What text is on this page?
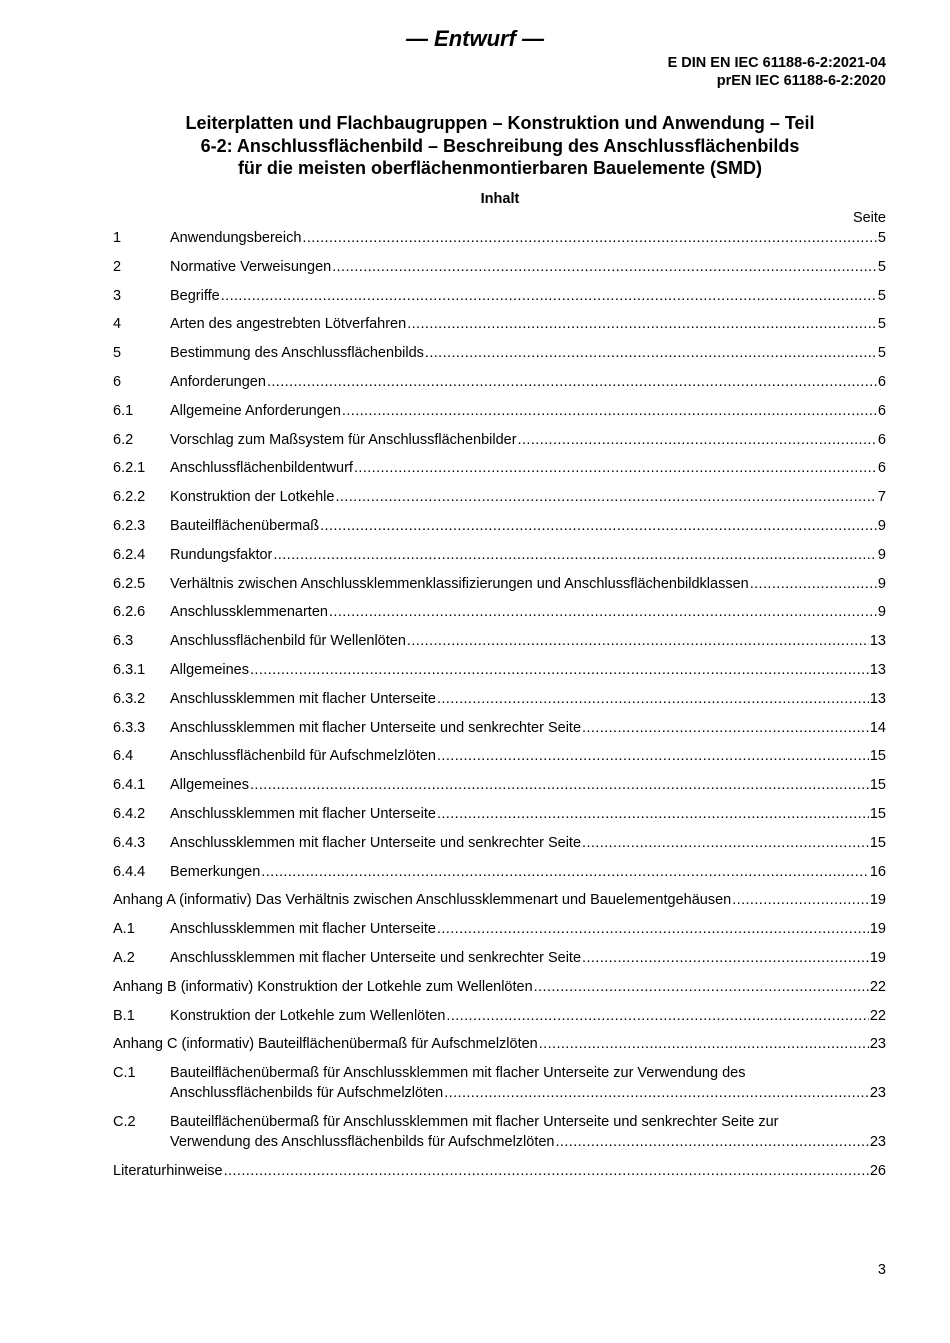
— Entwurf —
E DIN EN IEC 61188-6-2:2021-04
prEN IEC 61188-6-2:2020
Leiterplatten und Flachbaugruppen – Konstruktion und Anwendung – Teil
6-2: Anschlussflächenbild – Beschreibung des Anschlussflächenbilds
für die meisten oberflächenmontierbaren Bauelemente (SMD)
Inhalt
Seite
1	Anwendungsbereich .....	5
2	Normative Verweisungen .....	5
3	Begriffe .....	5
4	Arten des angestrebten Lötverfahren .....	5
5	Bestimmung des Anschlussflächenbilds .....	5
6	Anforderungen .....	6
6.1	Allgemeine Anforderungen .....	6
6.2	Vorschlag zum Maßsystem für Anschlussflächenbilder .....	6
6.2.1 Anschlussflächenbildentwurf .....	6
6.2.2 Konstruktion der Lotkehle .....	7
6.2.3 Bauteilflächenübermaß .....	9
6.2.4 Rundungsfaktor .....	9
6.2.5 Verhältnis zwischen Anschlussklemmenklassifizierungen und Anschlussflächenbildklassen .....	9
6.2.6 Anschlussklemmenarten .....	9
6.3	Anschlussflächenbild für Wellenlöten .....	13
6.3.1 Allgemeines .....	13
6.3.2 Anschlussklemmen mit flacher Unterseite .....	13
6.3.3 Anschlussklemmen mit flacher Unterseite und senkrechter Seite .....	14
6.4	Anschlussflächenbild für Aufschmelzlöten .....	15
6.4.1 Allgemeines .....	15
6.4.2 Anschlussklemmen mit flacher Unterseite .....	15
6.4.3 Anschlussklemmen mit flacher Unterseite und senkrechter Seite .....	15
6.4.4 Bemerkungen .....	16
Anhang A (informativ) Das Verhältnis zwischen Anschlussklemmenart und Bauelementgehäusen .....	19
A.1 Anschlussklemmen mit flacher Unterseite .....	19
A.2 Anschlussklemmen mit flacher Unterseite und senkrechter Seite .....	19
Anhang B (informativ) Konstruktion der Lotkehle zum Wellenlöten .....	22
B.1 Konstruktion der Lotkehle zum Wellenlöten .....	22
Anhang C (informativ) Bauteilflächenübermaß für Aufschmelzlöten .....	23
C.1 Bauteilflächenübermaß für Anschlussklemmen mit flacher Unterseite zur Verwendung des
Anschlussflächenbilds für Aufschmelzlöten .....	23
C.2 Bauteilflächenübermaß für Anschlussklemmen mit flacher Unterseite und senkrechter Seite zur
Verwendung des Anschlussflächenbilds für Aufschmelzlöten .....	23
Literaturhinweise .....	26
3
